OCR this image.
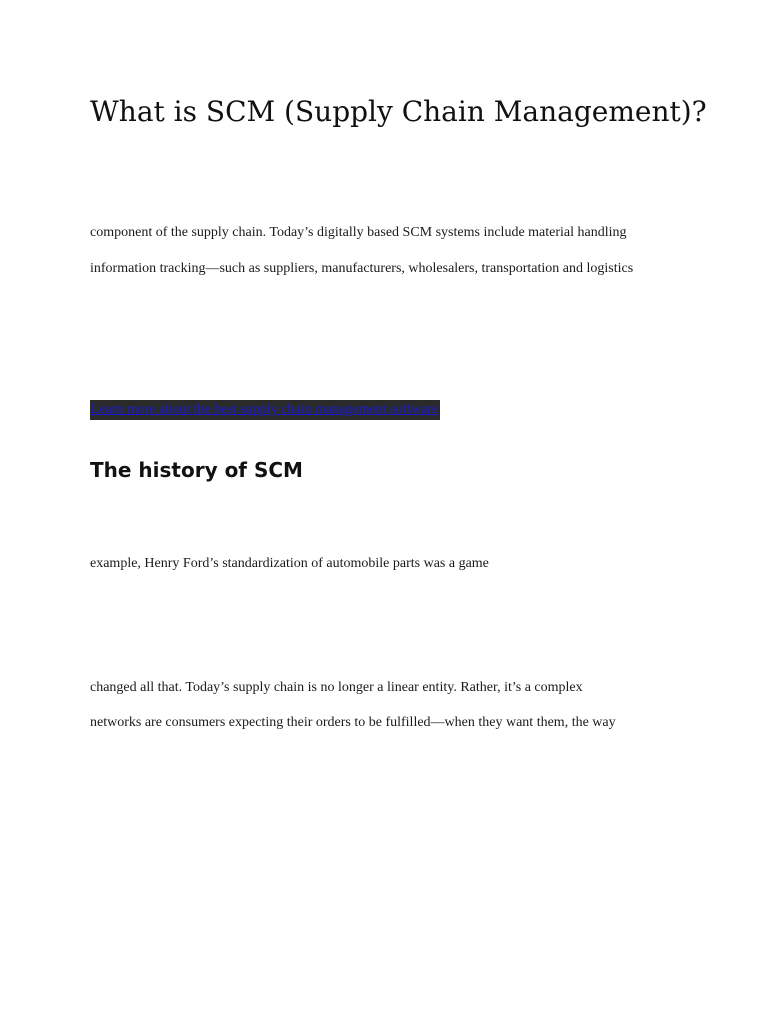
What is SCM (Supply Chain Management)?

component of the supply chain. Today’s digitally based SCM systems include material handling

information tracking—such as suppliers, manufacturers, wholesalers, transportation and logistics

Learn more about the best supply chain management software
The history of SCM

example, Henry Ford’s standardization of automobile parts was a game

changed all that. Today’s supply chain is no longer a linear entity. Rather, it’s a complex

networks are consumers expecting their orders to be fulfilled—when they want them, the way
